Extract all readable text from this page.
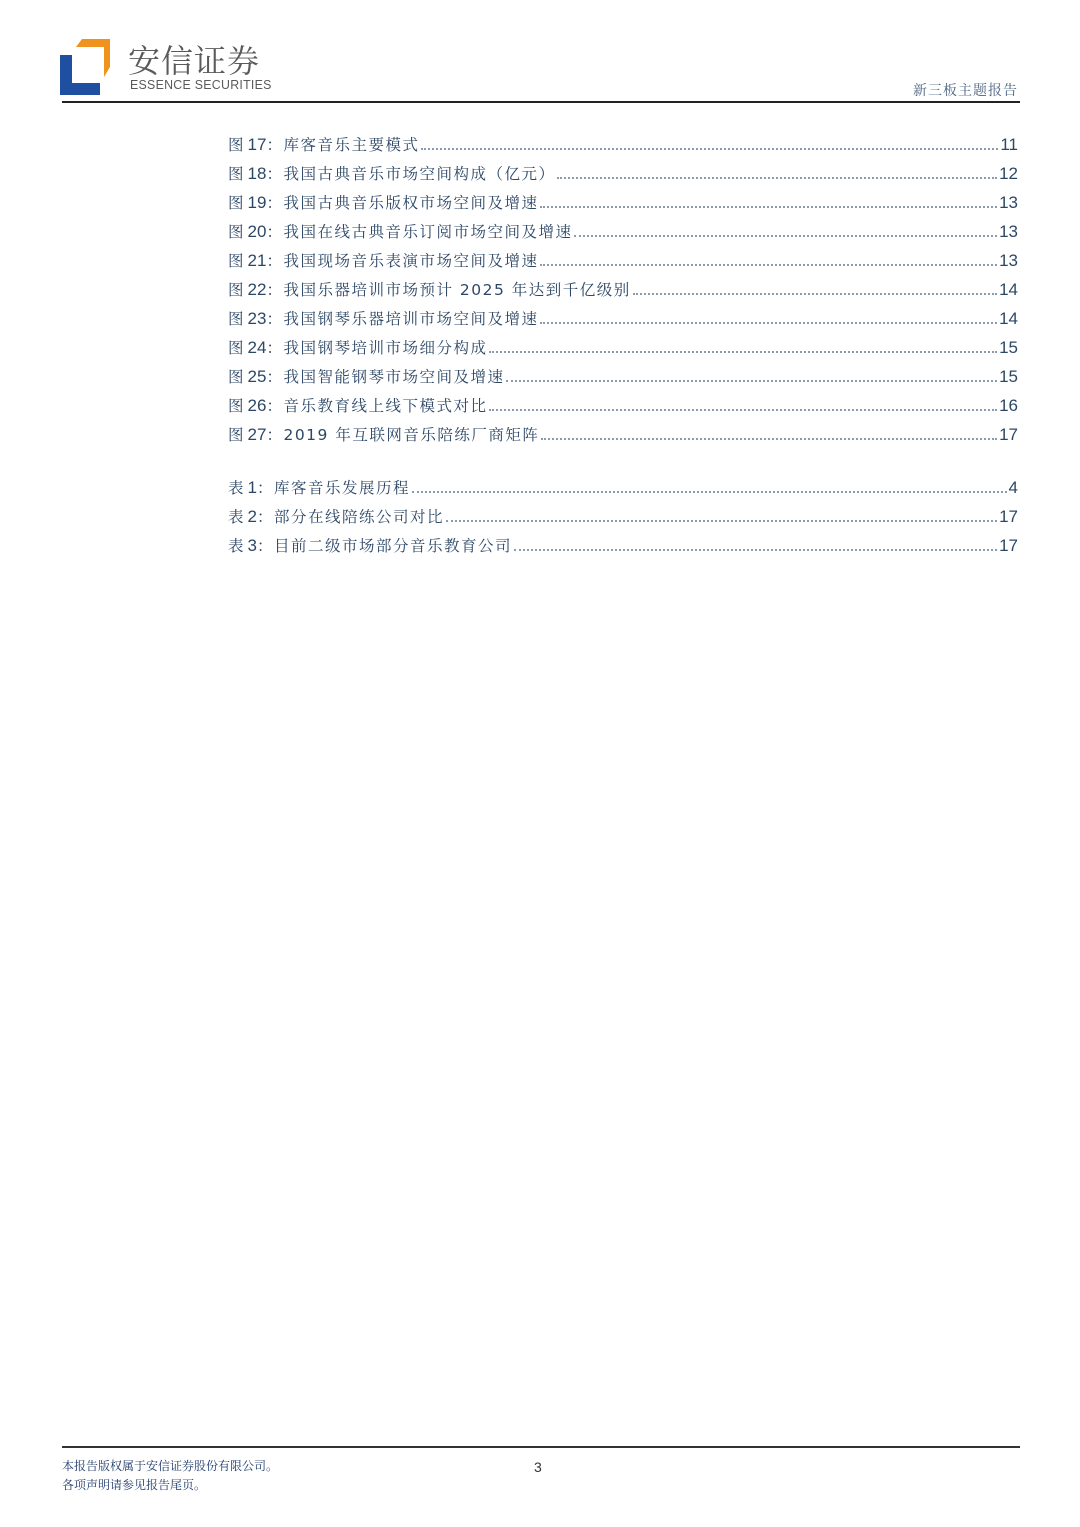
安信证券
ESSENCE SECURITIES	新三板主题报告
图17：库客音乐主要模式	11
图18：我国古典音乐市场空间构成（亿元）	12
图19：我国古典音乐版权市场空间及增速	13
图20：我国在线古典音乐订阅市场空间及增速	13
图21：我国现场音乐表演市场空间及增速	13
图22：我国乐器培训市场预计 2025 年达到千亿级别	14
图23：我国钢琴乐器培训市场空间及增速	14
图24：我国钢琴培训市场细分构成	15
图25：我国智能钢琴市场空间及增速	15
图26：音乐教育线上线下模式对比	16
图27：2019 年互联网音乐陪练厂商矩阵	17
表1：库客音乐发展历程	4
表2：部分在线陪练公司对比	17
表3：目前二级市场部分音乐教育公司	17
本报告版权属于安信证券股份有限公司。
各项声明请参见报告尾页。
3
